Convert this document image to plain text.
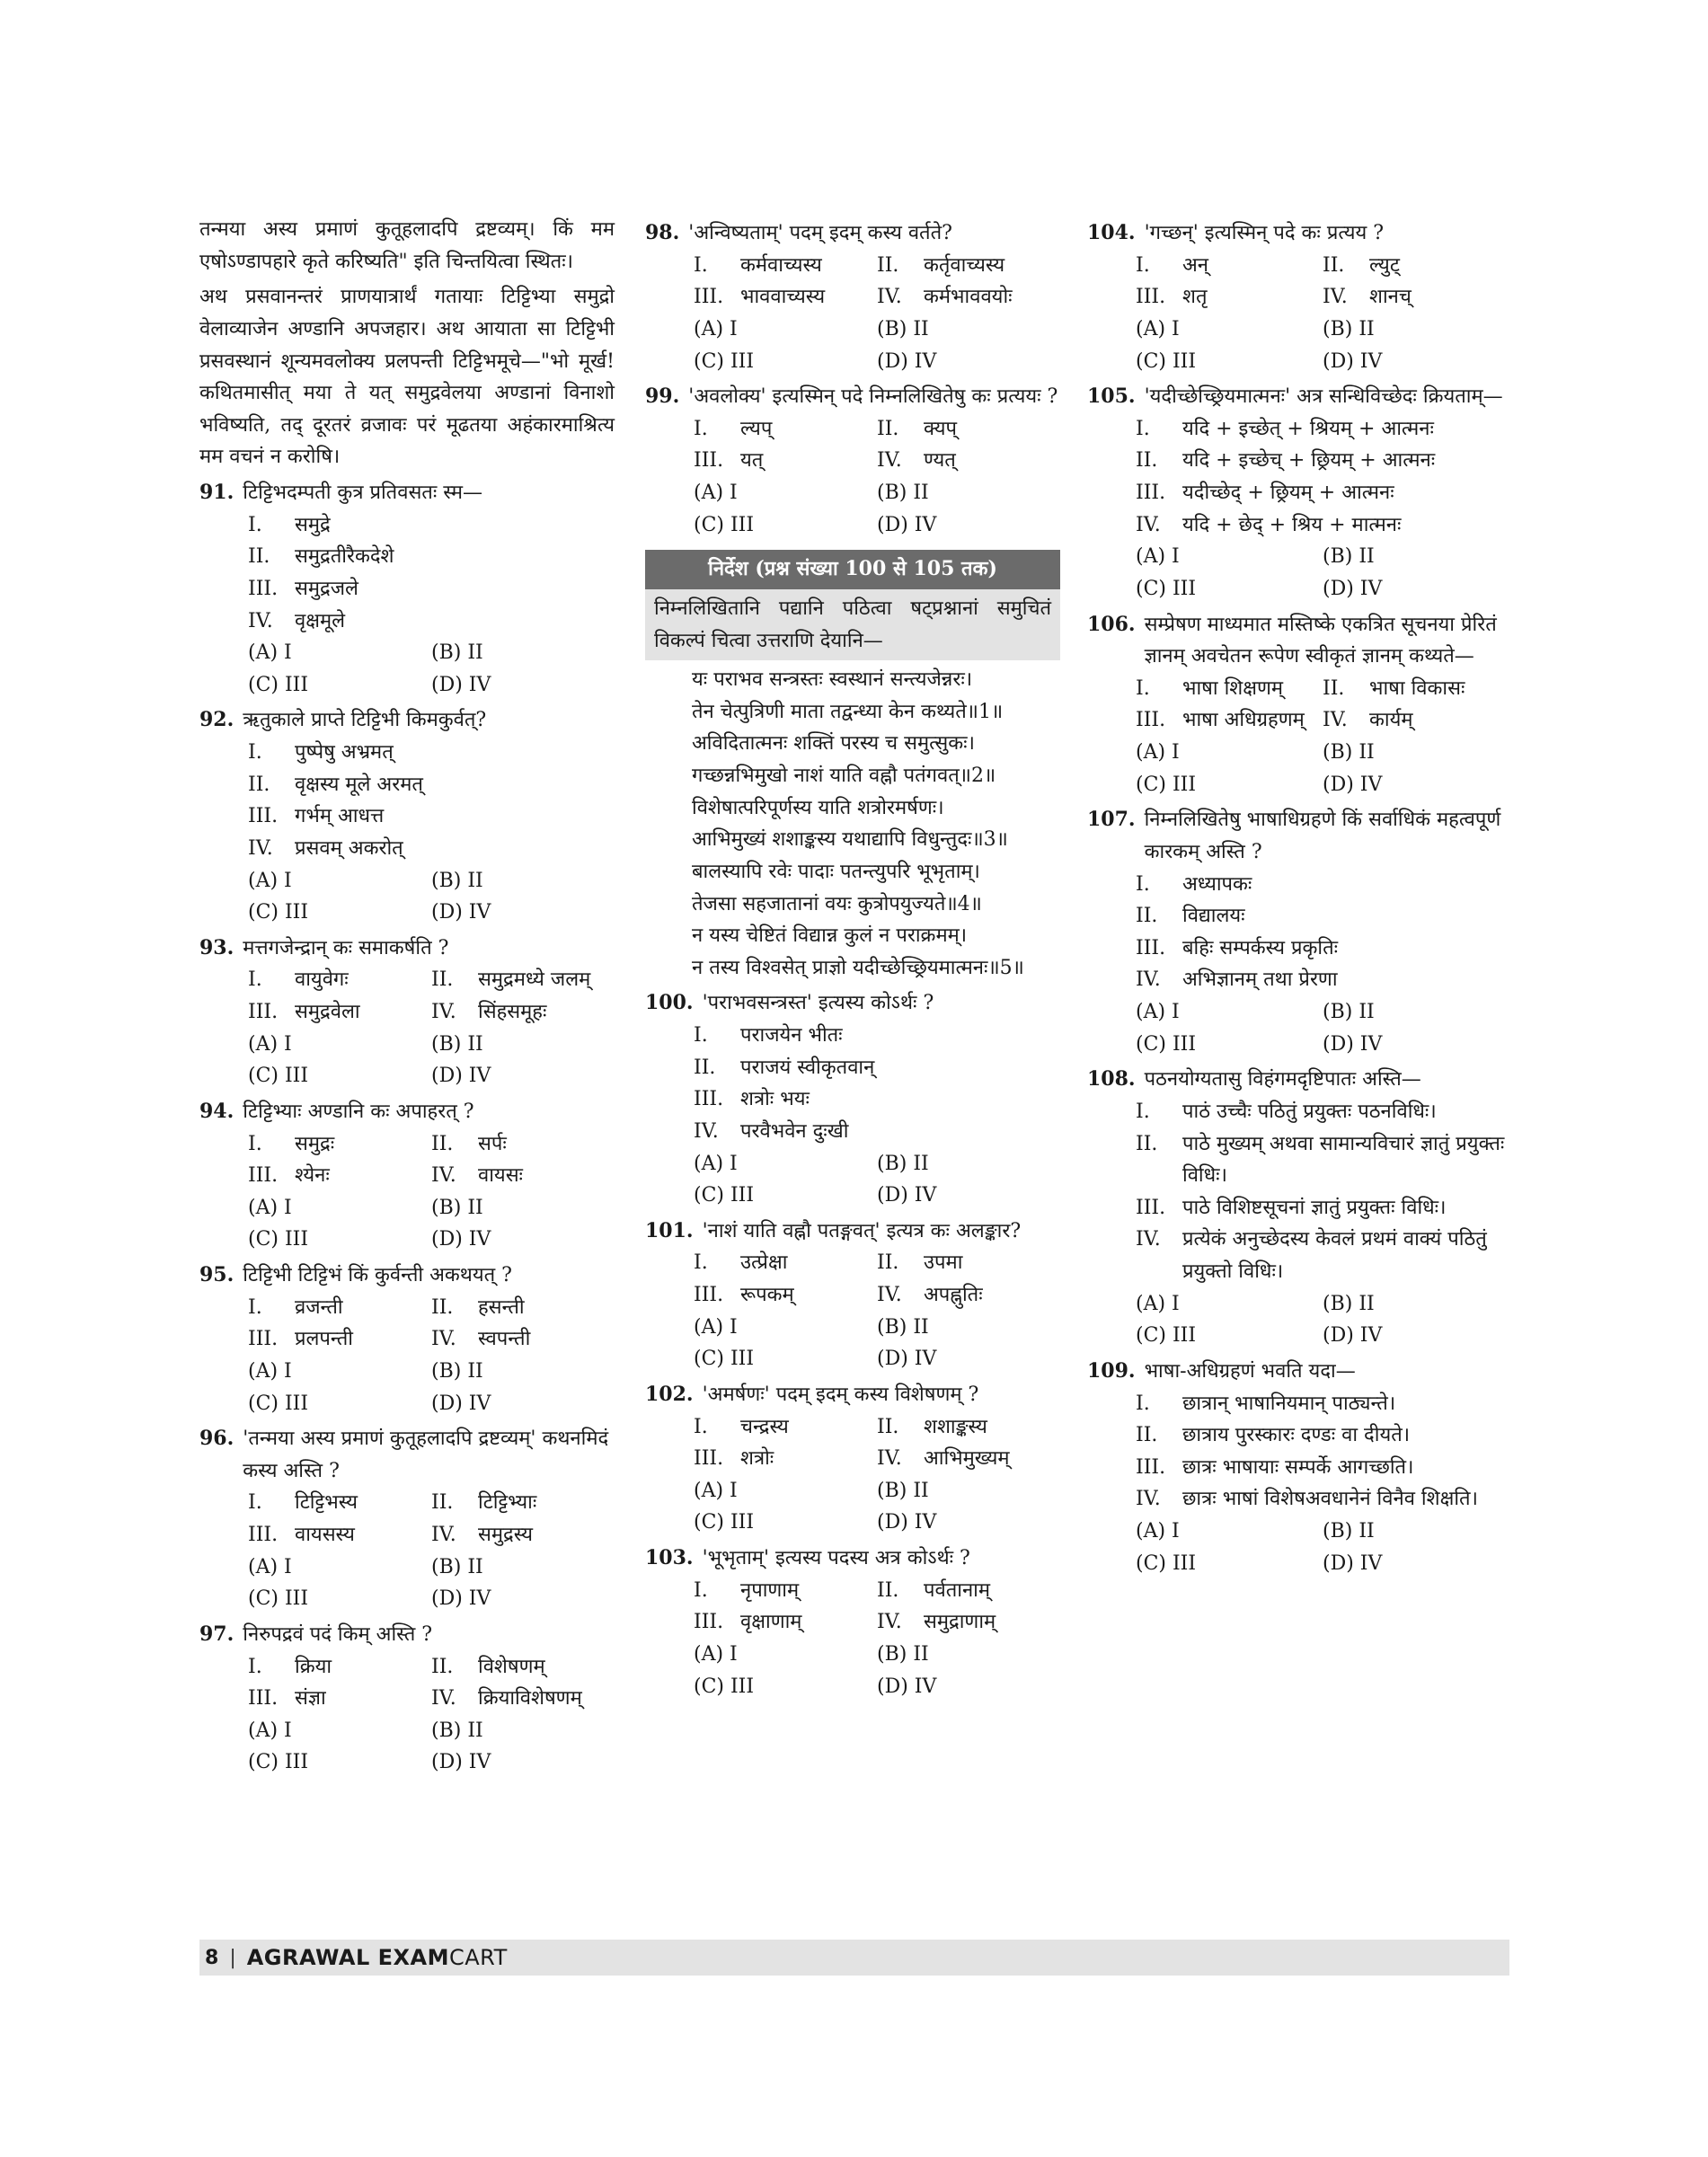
तन्मया अस्य प्रमाणं कुतूहलादपि द्रष्टव्यम्। किं मम एषोऽण्डापहारे कृते करिष्यति" इति चिन्तयित्वा स्थितः।

अथ प्रसवानन्तरं प्राणयात्रार्थं गतायाः टिट्टिभ्या समुद्रो वेलाव्याजेन अण्डानि अपजहार। अथ आयाता सा टिट्टिभी प्रसवस्थानं शून्यमवलोक्य प्रलपन्ती टिट्टिभमूचे—"भो मूर्ख! कथितमासीत् मया ते यत् समुद्रवेलया अण्डानां विनाशो भविष्यति, तद् दूरतरं व्रजावः परं मूढतया अहंकारमाश्रित्य मम वचनं न करोषि।

91. टिट्टिभदम्पती कुत्र प्रतिवसतः स्म—
I.	समुद्रे
II.	समुद्रतीरैकदेशे
III. समुद्रजले
IV.	वृक्षमूले
(A) I	(B) II
(C) III	(D) IV
92. ऋतुकाले प्राप्ते टिट्टिभी किमकुर्वत्?
I.	पुष्पेषु अभ्रमत्
II.	वृक्षस्य मूले अरमत्
III. गर्भम् आधत्त
IV.	प्रसवम् अकरोत्
(A) I	(B) II
(C) III	(D) IV
93. मत्तगजेन्द्रान् कः समाकर्षति ?
I.	वायुवेगः	II.	समुद्रमध्ये जलम्
III. समुद्रवेला	IV.	सिंहसमूहः
(A) I	(B) II
(C) III	(D) IV
94. टिट्टिभ्याः अण्डानि कः अपाहरत् ?
I.	समुद्रः	II.	सर्पः
III. श्येनः	IV.	वायसः
(A) I	(B) II
(C) III	(D) IV
95. टिट्टिभी टिट्टिभं किं कुर्वन्ती अकथयत् ?
I.	व्रजन्ती	II.	हसन्ती
III. प्रलपन्ती	IV.	स्वपन्ती
(A) I	(B) II
(C) III	(D) IV
96. 'तन्मया अस्य प्रमाणं कुतूहलादपि द्रष्टव्यम्' कथनमिदं कस्य अस्ति ?
I.	टिट्टिभस्य	II.	टिट्टिभ्याः
III. वायसस्य	IV.	समुद्रस्य
(A) I	(B) II
(C) III	(D) IV
97. निरुपद्रवं पदं किम् अस्ति ?
I.	क्रिया	II.	विशेषणम्
III. संज्ञा	IV.	क्रियाविशेषणम्
(A) I	(B) II
(C) III	(D) IV
98. 'अन्विष्यताम्' पदम् इदम् कस्य वर्तते?
I.	कर्मवाच्यस्य	II.	कर्तृवाच्यस्य
III. भाववाच्यस्य	IV.	कर्मभाववयोः
(A) I	(B) II
(C) III	(D) IV
99. 'अवलोक्य' इत्यस्मिन् पदे निम्नलिखितेषु कः प्रत्ययः ?
I.	ल्यप्	II.	क्यप्
III. यत्	IV.	ण्यत्
(A) I	(B) II
(C) III	(D) IV
निर्देश (प्रश्न संख्या 100 से 105 तक)
निम्नलिखितानि पद्यानि पठित्वा षट्प्रश्नानां समुचितं विकल्पं चित्वा उत्तराणि देयानि—
यः पराभव सन्त्रस्तः स्वस्थानं सन्त्यजेन्नरः।
तेन चेत्पुत्रिणी माता तद्वन्ध्या केन कथ्यते॥1॥
अविदितात्मनः शक्तिं परस्य च समुत्सुकः।
गच्छन्नभिमुखो नाशं याति वह्नौ पतंगवत्॥2॥
विशेषात्परिपूर्णस्य याति शत्रोरमर्षणः।
आभिमुख्यं शशाङ्कस्य यथाद्यापि विधुन्तुदः॥3॥
बालस्यापि रवेः पादाः पतन्त्युपरि भूभृताम्।
तेजसा सहजातानां वयः कुत्रोपयुज्यते॥4॥
न यस्य चेष्टितं विद्यान्न कुलं न पराक्रमम्।
न तस्य विश्वसेत् प्राज्ञो यदीच्छेच्छ्रियमात्मनः॥5॥
100. 'पराभवसन्त्रस्त' इत्यस्य कोऽर्थः ?
I.	पराजयेन भीतः
II.	पराजयं स्वीकृतवान्
III. शत्रोः भयः
IV.	परवैभवेन दुःखी
(A) I	(B) II
(C) III	(D) IV
101. 'नाशं याति वह्नौ पतङ्गवत्' इत्यत्र कः अलङ्कार?
I.	उत्प्रेक्षा	II.	उपमा
III. रूपकम्	IV.	अपह्नुतिः
(A) I	(B) II
(C) III	(D) IV
102. 'अमर्षणः' पदम् इदम् कस्य विशेषणम् ?
I.	चन्द्रस्य	II.	शशाङ्कस्य
III. शत्रोः	IV.	आभिमुख्यम्
(A) I	(B) II
(C) III	(D) IV
103. 'भूभृताम्' इत्यस्य पदस्य अत्र कोऽर्थः ?
I.	नृपाणाम्	II.	पर्वतानाम्
III. वृक्षाणाम्	IV.	समुद्राणाम्
(A) I	(B) II
(C) III	(D) IV
104. 'गच्छन्' इत्यस्मिन् पदे कः प्रत्यय ?
I.	अन्	II.	ल्युट्
III. शतृ	IV.	शानच्
(A) I	(B) II
(C) III	(D) IV
105. 'यदीच्छेच्छ्रियमात्मनः' अत्र सन्धिविच्छेदः क्रियताम्—
I.	यदि + इच्छेत् + श्रियम् + आत्मनः
II.	यदि + इच्छेच् + छ्रियम् + आत्मनः
III. यदीच्छेद् + छ्रियम् + आत्मनः
IV.	यदि + छेद् + श्रिय + मात्मनः
(A) I	(B) II
(C) III	(D) IV
106. सम्प्रेषण माध्यमात मस्तिष्के एकत्रित सूचनया प्रेरितं ज्ञानम् अवचेतन रूपेण स्वीकृतं ज्ञानम् कथ्यते—
I.	भाषा शिक्षणम् II.	भाषा विकासः
III. भाषा अधिग्रहणम् IV.	कार्यम्
(A) I	(B) II
(C) III	(D) IV
107. निम्नलिखितेषु भाषाधिग्रहणे किं सर्वाधिकं महत्वपूर्ण कारकम् अस्ति ?
I.	अध्यापकः
II.	विद्यालयः
III. बहिः सम्पर्कस्य प्रकृतिः
IV.	अभिज्ञानम् तथा प्रेरणा
(A) I	(B) II
(C) III	(D) IV
108. पठनयोग्यतासु विहंगमदृष्टिपातः अस्ति—
I.	पाठं उच्चैः पठितुं प्रयुक्तः पठनविधिः।
II.	पाठे मुख्यम् अथवा सामान्यविचारं ज्ञातुं प्रयुक्तः विधिः।
III. पाठे विशिष्टसूचनां ज्ञातुं प्रयुक्तः विधिः।
IV.	प्रत्येकं अनुच्छेदस्य केवलं प्रथमं वाक्यं पठितुं प्रयुक्तो विधिः।
(A) I	(B) II
(C) III	(D) IV
109. भाषा-अधिग्रहणं भवति यदा—
I.	छात्रान् भाषानियमान् पाठ्यन्ते।
II.	छात्राय पुरस्कारः दण्डः वा दीयते।
III. छात्रः भाषायाः सम्पर्के आगच्छति।
IV.	छात्रः भाषां विशेषअवधानेनं विनैव शिक्षति।
(A) I	(B) II
(C) III	(D) IV
8 | AGRAWAL EXAMCART
